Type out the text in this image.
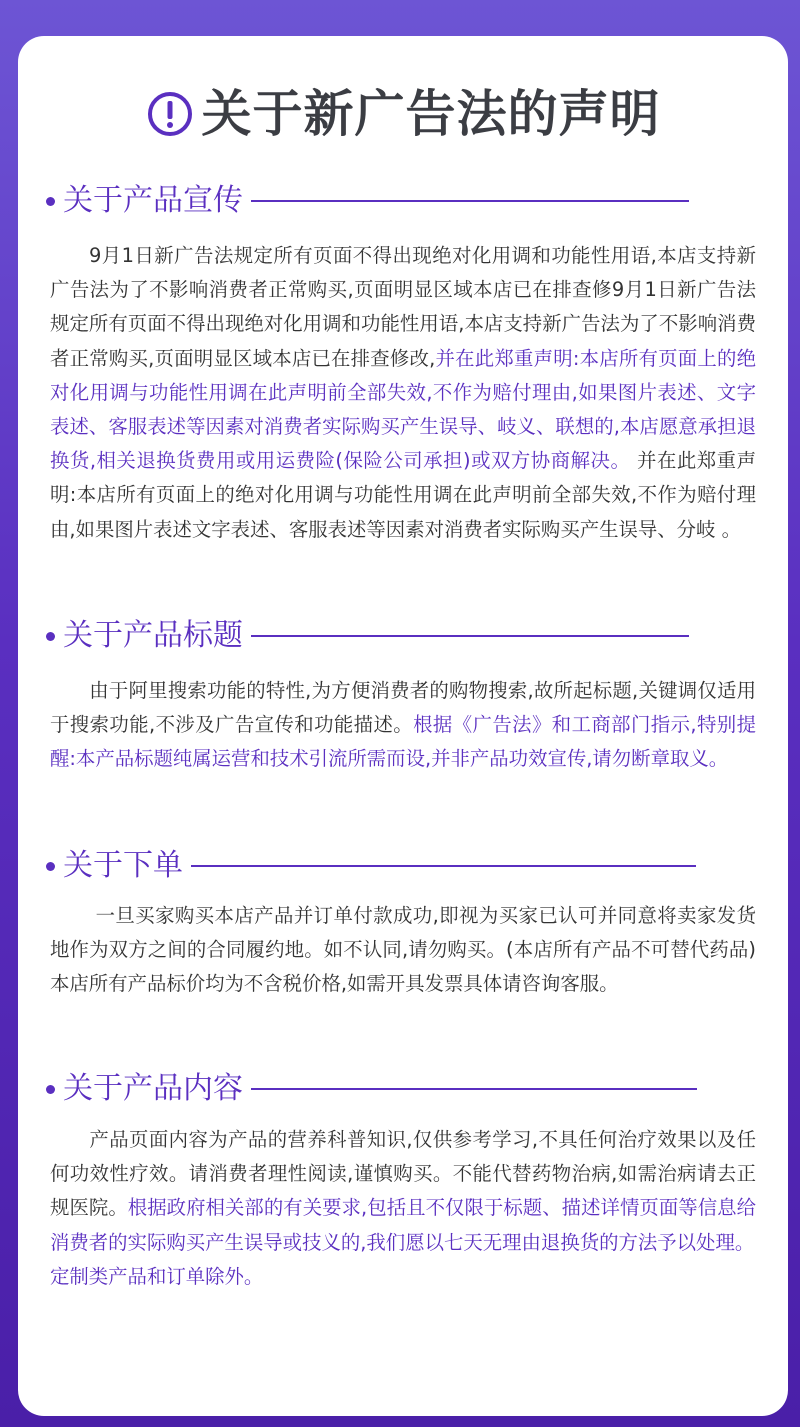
关于新广告法的声明
关于产品宣传
9月1日新广告法规定所有页面不得出现绝对化用调和功能性用语,本店支持新广告法为了不影响消费者正常购买,页面明显区域本店已在排查修9月1日新广告法规定所有页面不得出现绝对化用调和功能性用语,本店支持新广告法为了不影响消费者正常购买,页面明显区域本店已在排查修改,并在此郑重声明:本店所有页面上的绝对化用调与功能性用调在此声明前全部失效,不作为赔付理由,如果图片表述、文字表述、客服表述等因素对消费者实际购买产生误导、岐义、联想的,本店愿意承担退换货,相关退换货费用或用运费险(保险公司承担)或双方协商解决。 并在此郑重声明:本店所有页面上的绝对化用调与功能性用调在此声明前全部失效,不作为赔付理由,如果图片表述文字表述、客服表述等因素对消费者实际购买产生误导、分岐 。
关于产品标题
由于阿里搜索功能的特性,为方便消费者的购物搜索,故所起标题,关键调仅适用于搜索功能,不涉及广告宣传和功能描述。根据《广告法》和工商部门指示,特别提醒:本产品标题纯属运营和技术引流所需而设,并非产品功效宣传,请勿断章取义。
关于下单
一旦买家购买本店产品并订单付款成功,即视为买家已认可并同意将卖家发货地作为双方之间的合同履约地。如不认同,请勿购买。(本店所有产品不可替代药品)本店所有产品标价均为不含税价格,如需开具发票具体请咨询客服。
关于产品内容
产品页面内容为产品的营养科普知识,仅供参考学习,不具任何治疗效果以及任何功效性疗效。请消费者理性阅读,谨慎购买。不能代替药物治病,如需治病请去正规医院。根据政府相关部的有关要求,包括且不仅限于标题、描述详情页面等信息给消费者的实际购买产生误导或技义的,我们愿以七天无理由退换货的方法予以处理。
定制类产品和订单除外。
